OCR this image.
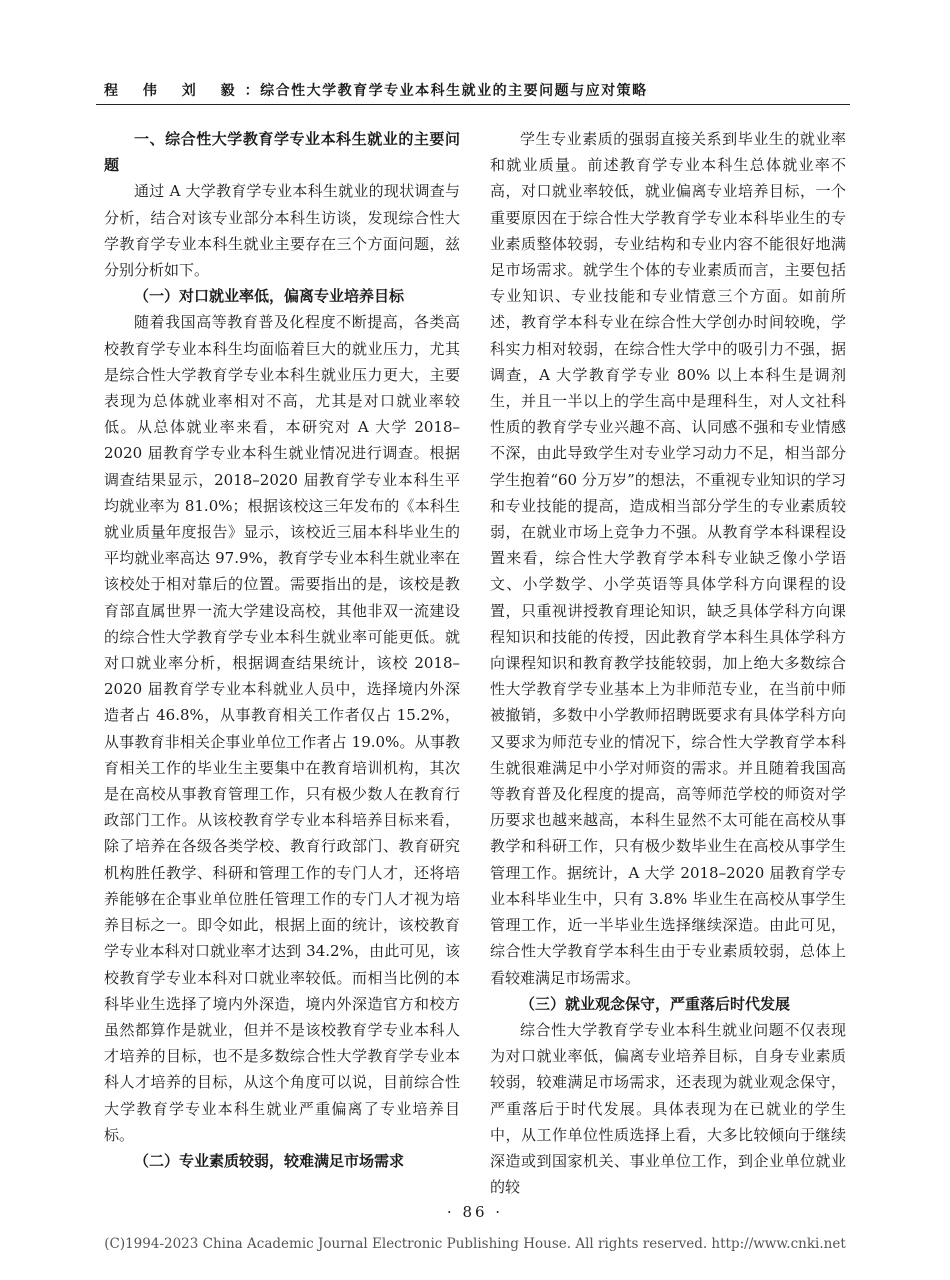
程 伟 刘 毅：综合性大学教育学专业本科生就业的主要问题与应对策略
一、综合性大学教育学专业本科生就业的主要问题

通过 A 大学教育学专业本科生就业的现状调查与分析，结合对该专业部分本科生访谈，发现综合性大学教育学专业本科生就业主要存在三个方面问题，兹分别分析如下。

（一）对口就业率低，偏离专业培养目标

随着我国高等教育普及化程度不断提高，各类高校教育学专业本科生均面临着巨大的就业压力，尤其是综合性大学教育学专业本科生就业压力更大，主要表现为总体就业率相对不高，尤其是对口就业率较低。从总体就业率来看，本研究对 A 大学 2018–2020 届教育学专业本科生就业情况进行调查。根据调查结果显示，2018–2020 届教育学专业本科生平均就业率为 81.0%；根据该校这三年发布的《本科生就业质量年度报告》显示，该校近三届本科毕业生的平均就业率高达 97.9%，教育学专业本科生就业率在该校处于相对靠后的位置。需要指出的是，该校是教育部直属世界一流大学建设高校，其他非双一流建设的综合性大学教育学专业本科生就业率可能更低。就对口就业率分析，根据调查结果统计，该校 2018–2020 届教育学专业本科就业人员中，选择境内外深造者占 46.8%，从事教育相关工作者仅占 15.2%，从事教育非相关企事业单位工作者占 19.0%。从事教育相关工作的毕业生主要集中在教育培训机构，其次是在高校从事教育管理工作，只有极少数人在教育行政部门工作。从该校教育学专业本科培养目标来看，除了培养在各级各类学校、教育行政部门、教育研究机构胜任教学、科研和管理工作的专门人才，还将培养能够在企事业单位胜任管理工作的专门人才视为培养目标之一。即令如此，根据上面的统计，该校教育学专业本科对口就业率才达到 34.2%，由此可见，该校教育学专业本科对口就业率较低。而相当比例的本科毕业生选择了境内外深造，境内外深造官方和校方虽然都算作是就业，但并不是该校教育学专业本科人才培养的目标，也不是多数综合性大学教育学专业本科人才培养的目标，从这个角度可以说，目前综合性大学教育学专业本科生就业严重偏离了专业培养目标。

（二）专业素质较弱，较难满足市场需求

学生专业素质的强弱直接关系到毕业生的就业率和就业质量。前述教育学专业本科生总体就业率不高，对口就业率较低，就业偏离专业培养目标，一个重要原因在于综合性大学教育学专业本科毕业生的专业素质整体较弱，专业结构和专业内容不能很好地满足市场需求。就学生个体的专业素质而言，主要包括专业知识、专业技能和专业情意三个方面。如前所述，教育学本科专业在综合性大学创办时间较晚，学科实力相对较弱，在综合性大学中的吸引力不强，据调查，A 大学教育学专业 80% 以上本科生是调剂生，并且一半以上的学生高中是理科生，对人文社科性质的教育学专业兴趣不高、认同感不强和专业情感不深，由此导致学生对专业学习动力不足，相当部分学生抱着“60 分万岁”的想法，不重视专业知识的学习和专业技能的提高，造成相当部分学生的专业素质较弱，在就业市场上竞争力不强。从教育学本科课程设置来看，综合性大学教育学本科专业缺乏像小学语文、小学数学、小学英语等具体学科方向课程的设置，只重视讲授教育理论知识，缺乏具体学科方向课程知识和技能的传授，因此教育学本科生具体学科方向课程知识和教育教学技能较弱，加上绝大多数综合性大学教育学专业基本上为非师范专业，在当前中师被撤销，多数中小学教师招聘既要求有具体学科方向又要求为师范专业的情况下，综合性大学教育学本科生就很难满足中小学对师资的需求。并且随着我国高等教育普及化程度的提高，高等师范学校的师资对学历要求也越来越高，本科生显然不太可能在高校从事教学和科研工作，只有极少数毕业生在高校从事学生管理工作。据统计，A 大学 2018–2020 届教育学专业本科毕业生中，只有 3.8% 毕业生在高校从事学生管理工作，近一半毕业生选择继续深造。由此可见，综合性大学教育学本科生由于专业素质较弱，总体上看较难满足市场需求。

（三）就业观念保守，严重落后时代发展

综合性大学教育学专业本科生就业问题不仅表现为对口就业率低，偏离专业培养目标，自身专业素质较弱，较难满足市场需求，还表现为就业观念保守，严重落后于时代发展。具体表现为在已就业的学生中，从工作单位性质选择上看，大多比较倾向于继续深造或到国家机关、事业单位工作，到企业单位就业的较

· 86 ·
(C)1994-2023 China Academic Journal Electronic Publishing House. All rights reserved. http://www.cnki.net
